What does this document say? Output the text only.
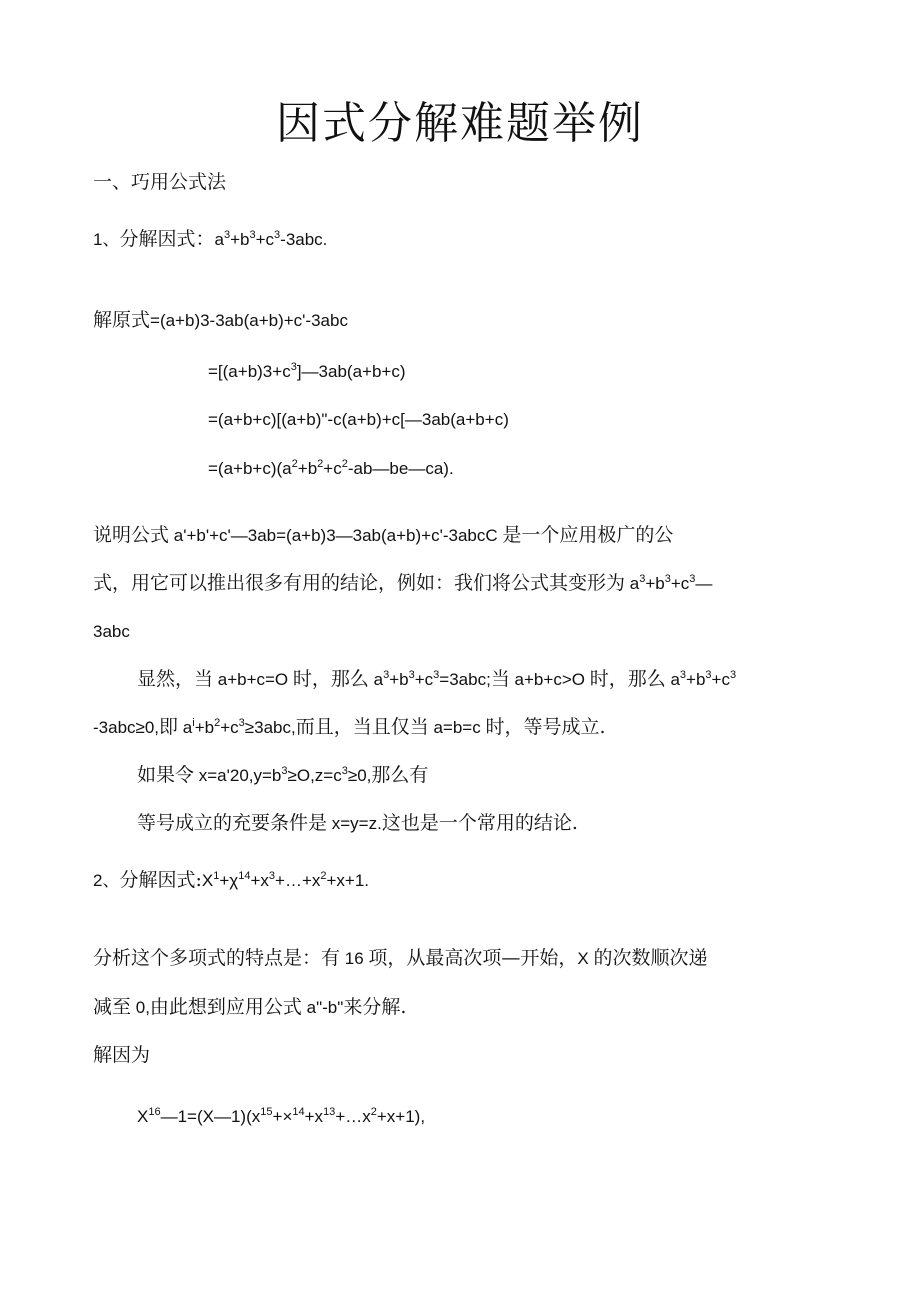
因式分解难题举例
一、巧用公式法
1、分解因式：$a^3+b^3+c^3-3abc$.
解原式=(a+b)3-3ab(a+b)+c'-3abc
$=[(a+b)3+c^3]—3ab(a+b+c)$
=(a+b+c)[(a+b)"-c(a+b)+c[—3ab(a+b+c)
$=(a+b+c)(a^2+b^2+c^2-ab—be—ca)$.
说明公式 a'+b'+c'—3ab=(a+b)3—3ab(a+b)+c'-3abcC 是一个应用极广的公
式，用它可以推出很多有用的结论，例如：我们将公式其变形为 $a^3+b^3+c^3—$
3abc
显然，当 a+b+c=O 时，那么 $a^3+b^3+c^3=3abc$;当 a+b+c>O 时，那么 $a^3+b^3+c^3$
-3abc≥0,即 $a^i+b^2+c^3\ge 3abc$,而且，当且仅当 a=b=c 时，等号成立.
如果令 $x=a'20,y=b^3\ge O,z=c^3\ge 0$,那么有
等号成立的充要条件是 x=y=z.这也是一个常用的结论.
2、分解因式$:X^1+\chi^{14}+x^3+\dots+x^2+x+1$.
分析这个多项式的特点是：有 16 项，从最高次项—开始，X 的次数顺次递
减至 0,由此想到应用公式 a"-b"来分解.
解因为
$X^{16}—1=(X—1)(x^{15}+\times^{14}+x^{13}+\dots x^2+x+1)$,
